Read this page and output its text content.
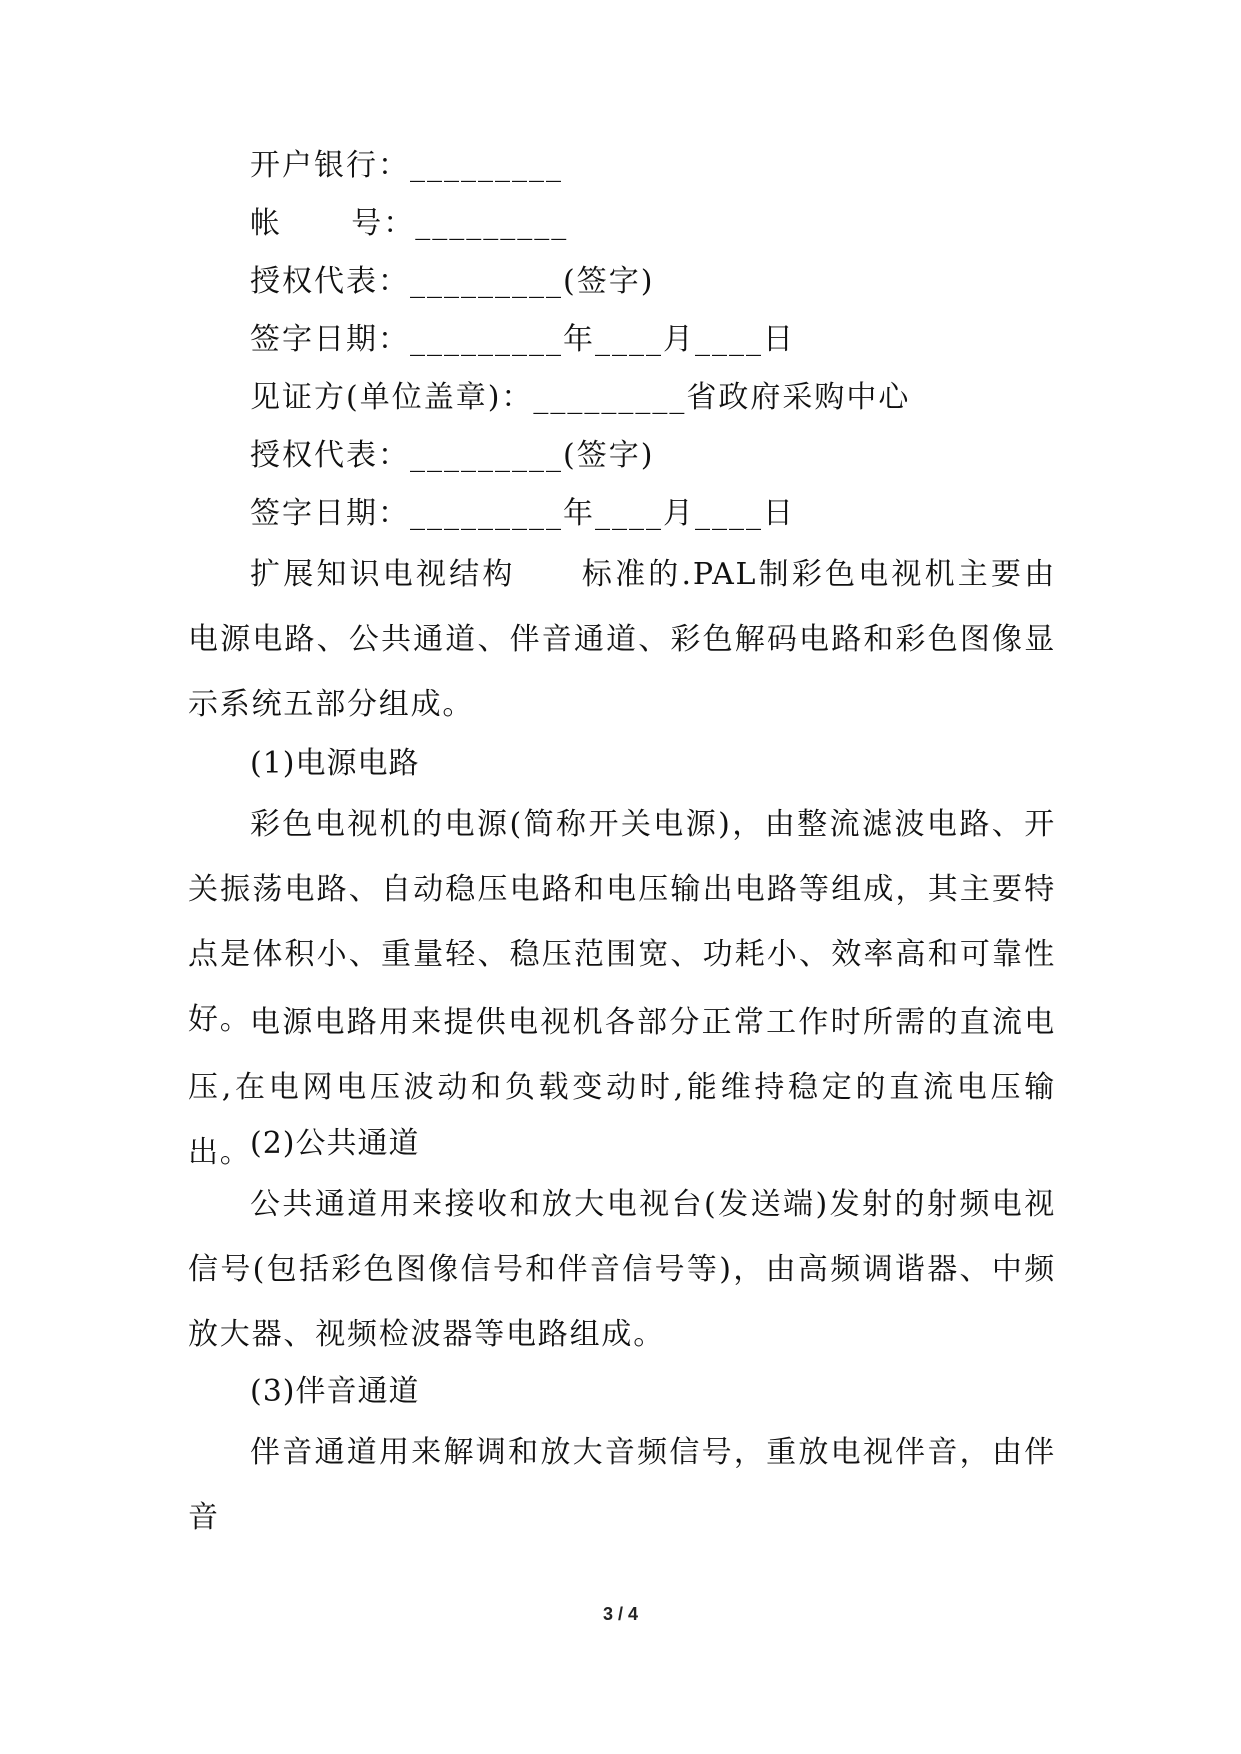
开户银行：_________
帐      号：_________
授权代表：_________(签字)
签字日期：_________年____月____日
见证方(单位盖章)：_________省政府采购中心
授权代表：_________(签字)
签字日期：_________年____月____日
扩展知识电视结构　　标准的.PAL制彩色电视机主要由电源电路、公共通道、伴音通道、彩色解码电路和彩色图像显示系统五部分组成。
(1)电源电路
彩色电视机的电源(简称开关电源)，由整流滤波电路、开关振荡电路、自动稳压电路和电压输出电路等组成，其主要特点是体积小、重量轻、稳压范围宽、功耗小、效率高和可靠性好。
电源电路用来提供电视机各部分正常工作时所需的直流电压,在电网电压波动和负载变动时,能维持稳定的直流电压输出。
(2)公共通道
公共通道用来接收和放大电视台(发送端)发射的射频电视信号(包括彩色图像信号和伴音信号等)，由高频调谐器、中频放大器、视频检波器等电路组成。
(3)伴音通道
伴音通道用来解调和放大音频信号，重放电视伴音，由伴音
3 / 4
